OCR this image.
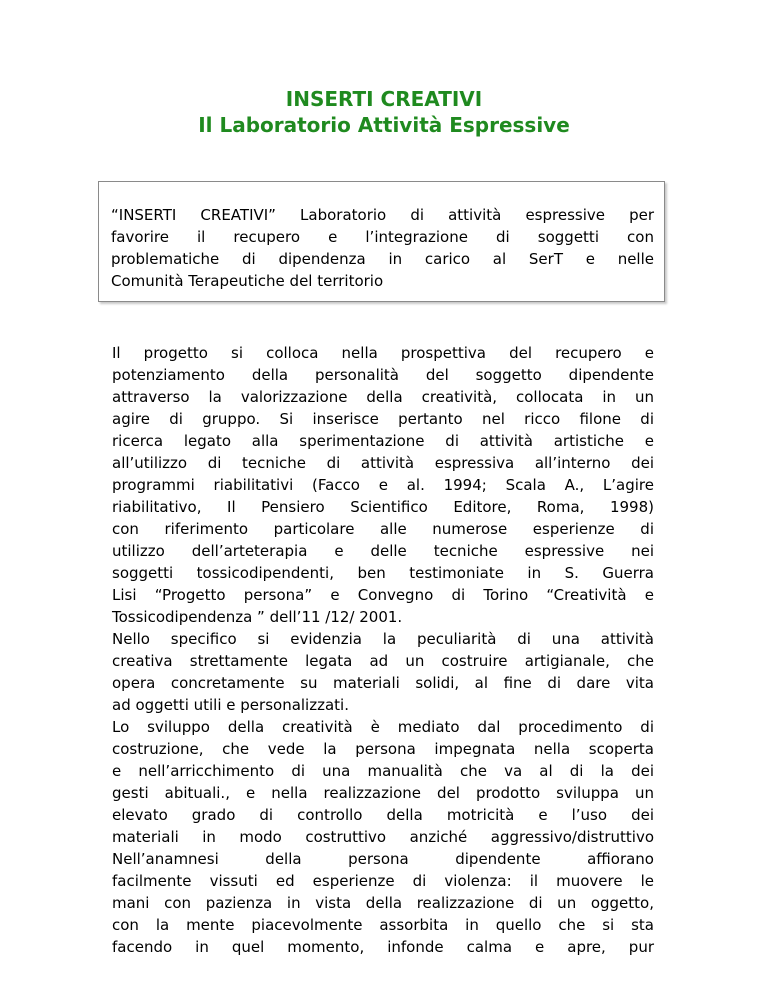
INSERTI CREATIVI
Il Laboratorio Attività Espressive
“INSERTI CREATIVI” Laboratorio di attività espressive per
favorire il recupero e l’integrazione di soggetti con
problematiche di dipendenza in carico al SerT e nelle
Comunità Terapeutiche del territorio
Il progetto si colloca nella prospettiva del recupero e
potenziamento della personalità del soggetto dipendente
attraverso la valorizzazione della creatività, collocata in un
agire di gruppo. Si inserisce pertanto nel ricco filone di
ricerca legato alla sperimentazione di attività artistiche e
all’utilizzo di tecniche di attività espressiva all’interno dei
programmi riabilitativi (Facco e al. 1994; Scala A., L’agire
riabilitativo, Il Pensiero Scientifico Editore, Roma, 1998)
con riferimento particolare alle numerose esperienze di
utilizzo dell’arteterapia e delle tecniche espressive nei
soggetti tossicodipendenti, ben testimoniate in S. Guerra
Lisi “Progetto persona” e Convegno di Torino “Creatività e
Tossicodipendenza ” dell’11 /12/ 2001.
Nello specifico si evidenzia la peculiarità di una attività
creativa strettamente legata ad un costruire artigianale, che
opera concretamente su materiali solidi, al fine di dare vita
ad oggetti utili e personalizzati.
Lo sviluppo della creatività è mediato dal procedimento di
costruzione, che vede la persona impegnata nella scoperta
e nell’arricchimento di una manualità che va al di la dei
gesti abituali., e nella realizzazione del prodotto sviluppa un
elevato grado di controllo della motricità e l’uso dei
materiali in modo costruttivo anziché aggressivo/distruttivo
Nell’anamnesi della persona dipendente affiorano
facilmente vissuti ed esperienze di violenza: il muovere le
mani con pazienza in vista della realizzazione di un oggetto,
con la mente piacevolmente assorbita in quello che si sta
facendo in quel momento, infonde calma e apre, pur
